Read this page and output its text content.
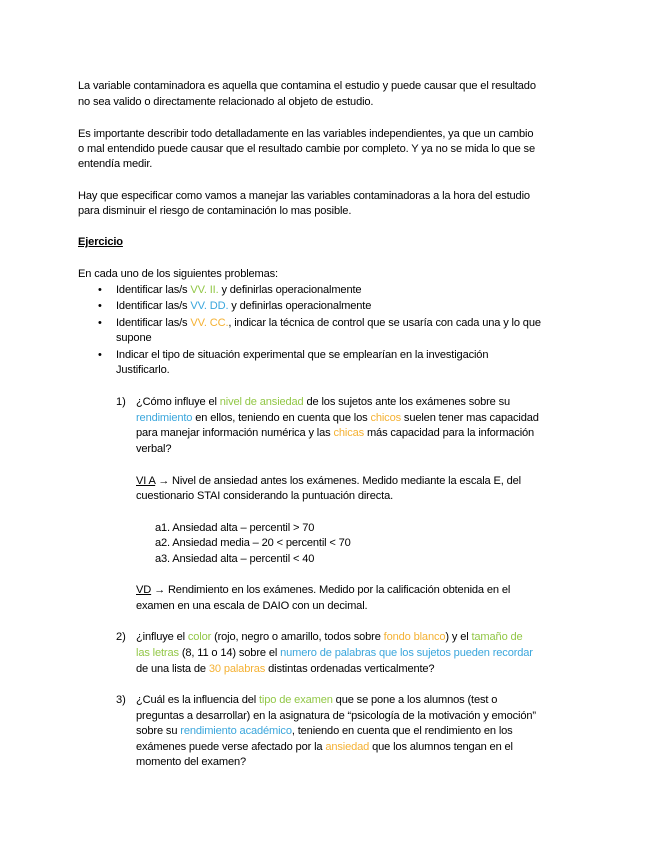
La variable contaminadora es aquella que contamina el estudio y puede causar que el resultado
no sea valido o directamente relacionado al objeto de estudio.
Es importante describir todo detalladamente en las variables independientes, ya que un cambio
o mal entendido puede causar que el resultado cambie por completo. Y ya no se mida lo que se
entendía medir.
Hay que especificar como vamos a manejar las variables contaminadoras a la hora del estudio
para disminuir el riesgo de contaminación lo mas posible.
Ejercicio
En cada uno de los siguientes problemas:
• Identificar las/s VV. II. y definirlas operacionalmente
• Identificar las/s VV. DD. y definirlas operacionalmente
• Identificar las/s VV. CC., indicar la técnica de control que se usaría con cada una y lo que
supone
• Indicar el tipo de situación experimental que se emplearían en la investigación
Justificarlo.
1) ¿Cómo influye el nivel de ansiedad de los sujetos ante los exámenes sobre su
rendimiento en ellos, teniendo en cuenta que los chicos suelen tener mas capacidad
para manejar información numérica y las chicas más capacidad para la información
verbal?
VI A → Nivel de ansiedad antes los exámenes. Medido mediante la escala E, del
cuestionario STAI considerando la puntuación directa.
a1. Ansiedad alta – percentil > 70
a2. Ansiedad media – 20 < percentil < 70
a3. Ansiedad alta – percentil < 40
VD → Rendimiento en los exámenes. Medido por la calificación obtenida en el
examen en una escala de DAIO con un decimal.
2) ¿influye el color (rojo, negro o amarillo, todos sobre fondo blanco) y el tamaño de
las letras (8, 11 o 14) sobre el numero de palabras que los sujetos pueden recordar
de una lista de 30 palabras distintas ordenadas verticalmente?
3) ¿Cuál es la influencia del tipo de examen que se pone a los alumnos (test o
preguntas a desarrollar) en la asignatura de “psicología de la motivación y emoción”
sobre su rendimiento académico, teniendo en cuenta que el rendimiento en los
exámenes puede verse afectado por la ansiedad que los alumnos tengan en el
momento del examen?
